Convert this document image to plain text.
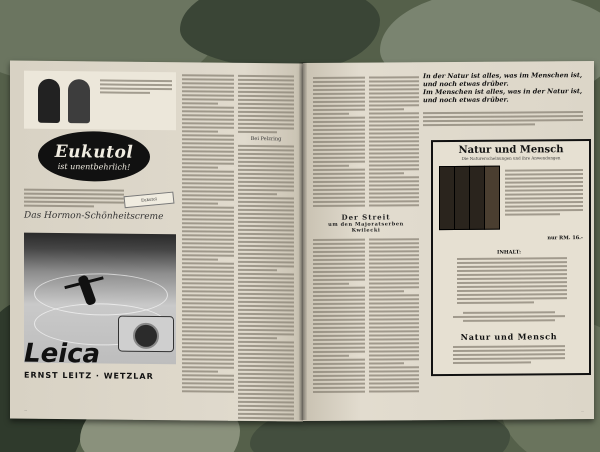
Eukutol
ist unentbehrlich!
Eukutol
Das Hormon-Schönheitscreme
Leica
ERNST LEITZ · WETZLAR
Bei Pelzring
—
Der Streit
um den Majoratserben Kwilecki
In der Natur ist alles, was im Menschen ist, und noch etwas drüber.
Im Menschen ist alles, was in der Natur ist, und noch etwas drüber.
Natur und Mensch
Die Naturerscheinungen und ihre Anwendungen
nur RM. 16.-
INHALT:
Natur und Mensch
—
